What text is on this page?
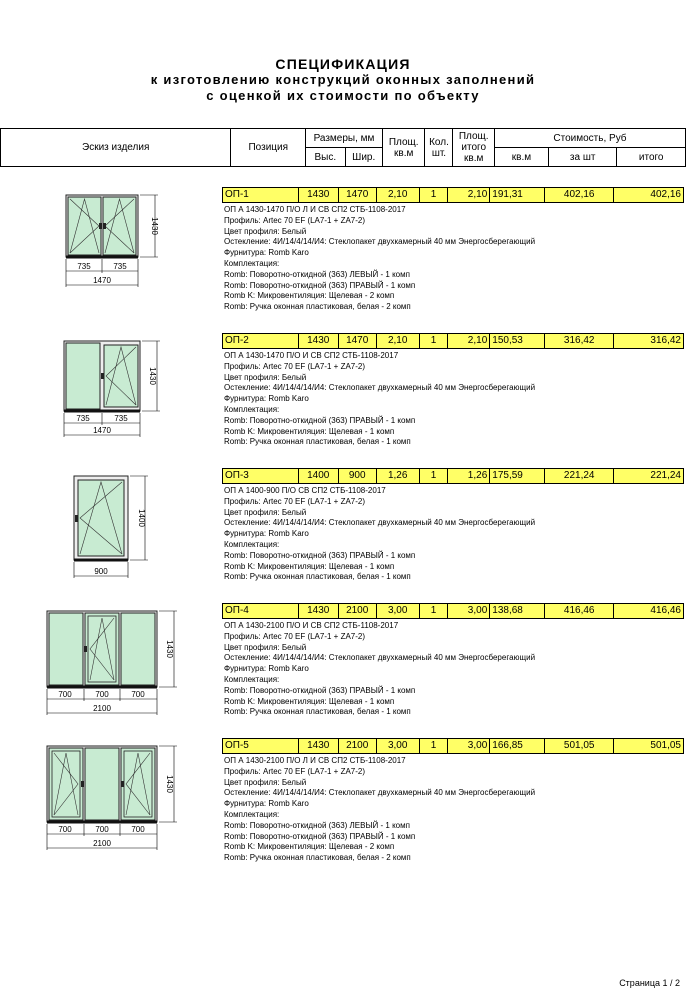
СПЕЦИФИКАЦИЯ
к изготовлению конструкций оконных заполнений
с оценкой их стоимости по объекту
Эскиз изделия	Позиция	Размеры, мм		Площ. кв.м	Кол. шт.	Площ. итого кв.м	Стоимость, Руб		
		Выс.	Шир.				кв.м	за шт	итого
735	735
1470
1430
ОП-1	1430	1470	2,10	1	2,10	191,31	402,16	402,16
ОП А 1430-1470 П/О Л И СВ СП2 СТБ-1108-2017
Профиль: Artec 70 EF (LA7-1 + ZA7-2)
Цвет профиля: Белый
Остекление: 4И/14/4/14/И4: Стеклопакет двухкамерный 40 мм Энергосберегающий
Фурнитура: Romb Karo
Комплектация:
Romb: Поворотно-откидной (363) ЛЕВЫЙ - 1 комп
Romb: Поворотно-откидной (363) ПРАВЫЙ - 1 комп
Romb K: Микровентиляция: Щелевая - 2 комп
Romb: Ручка оконная пластиковая, белая - 2 комп
735	735
1470
1430
ОП-2	1430	1470	2,10	1	2,10	150,53	316,42	316,42
ОП А 1430-1470 П/О И СВ СП2 СТБ-1108-2017
Профиль: Artec 70 EF (LA7-1 + ZA7-2)
Цвет профиля: Белый
Остекление: 4И/14/4/14/И4: Стеклопакет двухкамерный 40 мм Энергосберегающий
Фурнитура: Romb Karo
Комплектация:
Romb: Поворотно-откидной (363) ПРАВЫЙ - 1 комп
Romb K: Микровентиляция: Щелевая - 1 комп
Romb: Ручка оконная пластиковая, белая - 1 комп
900
1400
ОП-3	1400	900	1,26	1	1,26	175,59	221,24	221,24
ОП А 1400-900 П/О СВ СП2 СТБ-1108-2017
Профиль: Artec 70 EF (LA7-1 + ZA7-2)
Цвет профиля: Белый
Остекление: 4И/14/4/14/И4: Стеклопакет двухкамерный 40 мм Энергосберегающий
Фурнитура: Romb Karo
Комплектация:
Romb: Поворотно-откидной (363) ПРАВЫЙ - 1 комп
Romb K: Микровентиляция: Щелевая - 1 комп
Romb: Ручка оконная пластиковая, белая - 1 комп
700	700	700
2100
1430
ОП-4	1430	2100	3,00	1	3,00	138,68	416,46	416,46
ОП А 1430-2100 П/О И СВ СП2 СТБ-1108-2017
Профиль: Artec 70 EF (LA7-1 + ZA7-2)
Цвет профиля: Белый
Остекление: 4И/14/4/14/И4: Стеклопакет двухкамерный 40 мм Энергосберегающий
Фурнитура: Romb Karo
Комплектация:
Romb: Поворотно-откидной (363) ПРАВЫЙ - 1 комп
Romb K: Микровентиляция: Щелевая - 1 комп
Romb: Ручка оконная пластиковая, белая - 1 комп
700	700	700
2100
1430
ОП-5	1430	2100	3,00	1	3,00	166,85	501,05	501,05
ОП А 1430-2100 П/О Л И СВ СП2 СТБ-1108-2017
Профиль: Artec 70 EF (LA7-1 + ZA7-2)
Цвет профиля: Белый
Остекление: 4И/14/4/14/И4: Стеклопакет двухкамерный 40 мм Энергосберегающий
Фурнитура: Romb Karo
Комплектация:
Romb: Поворотно-откидной (363) ЛЕВЫЙ - 1 комп
Romb: Поворотно-откидной (363) ПРАВЫЙ - 1 комп
Romb K: Микровентиляция: Щелевая - 2 комп
Romb: Ручка оконная пластиковая, белая - 2 комп
Страница 1 / 2
